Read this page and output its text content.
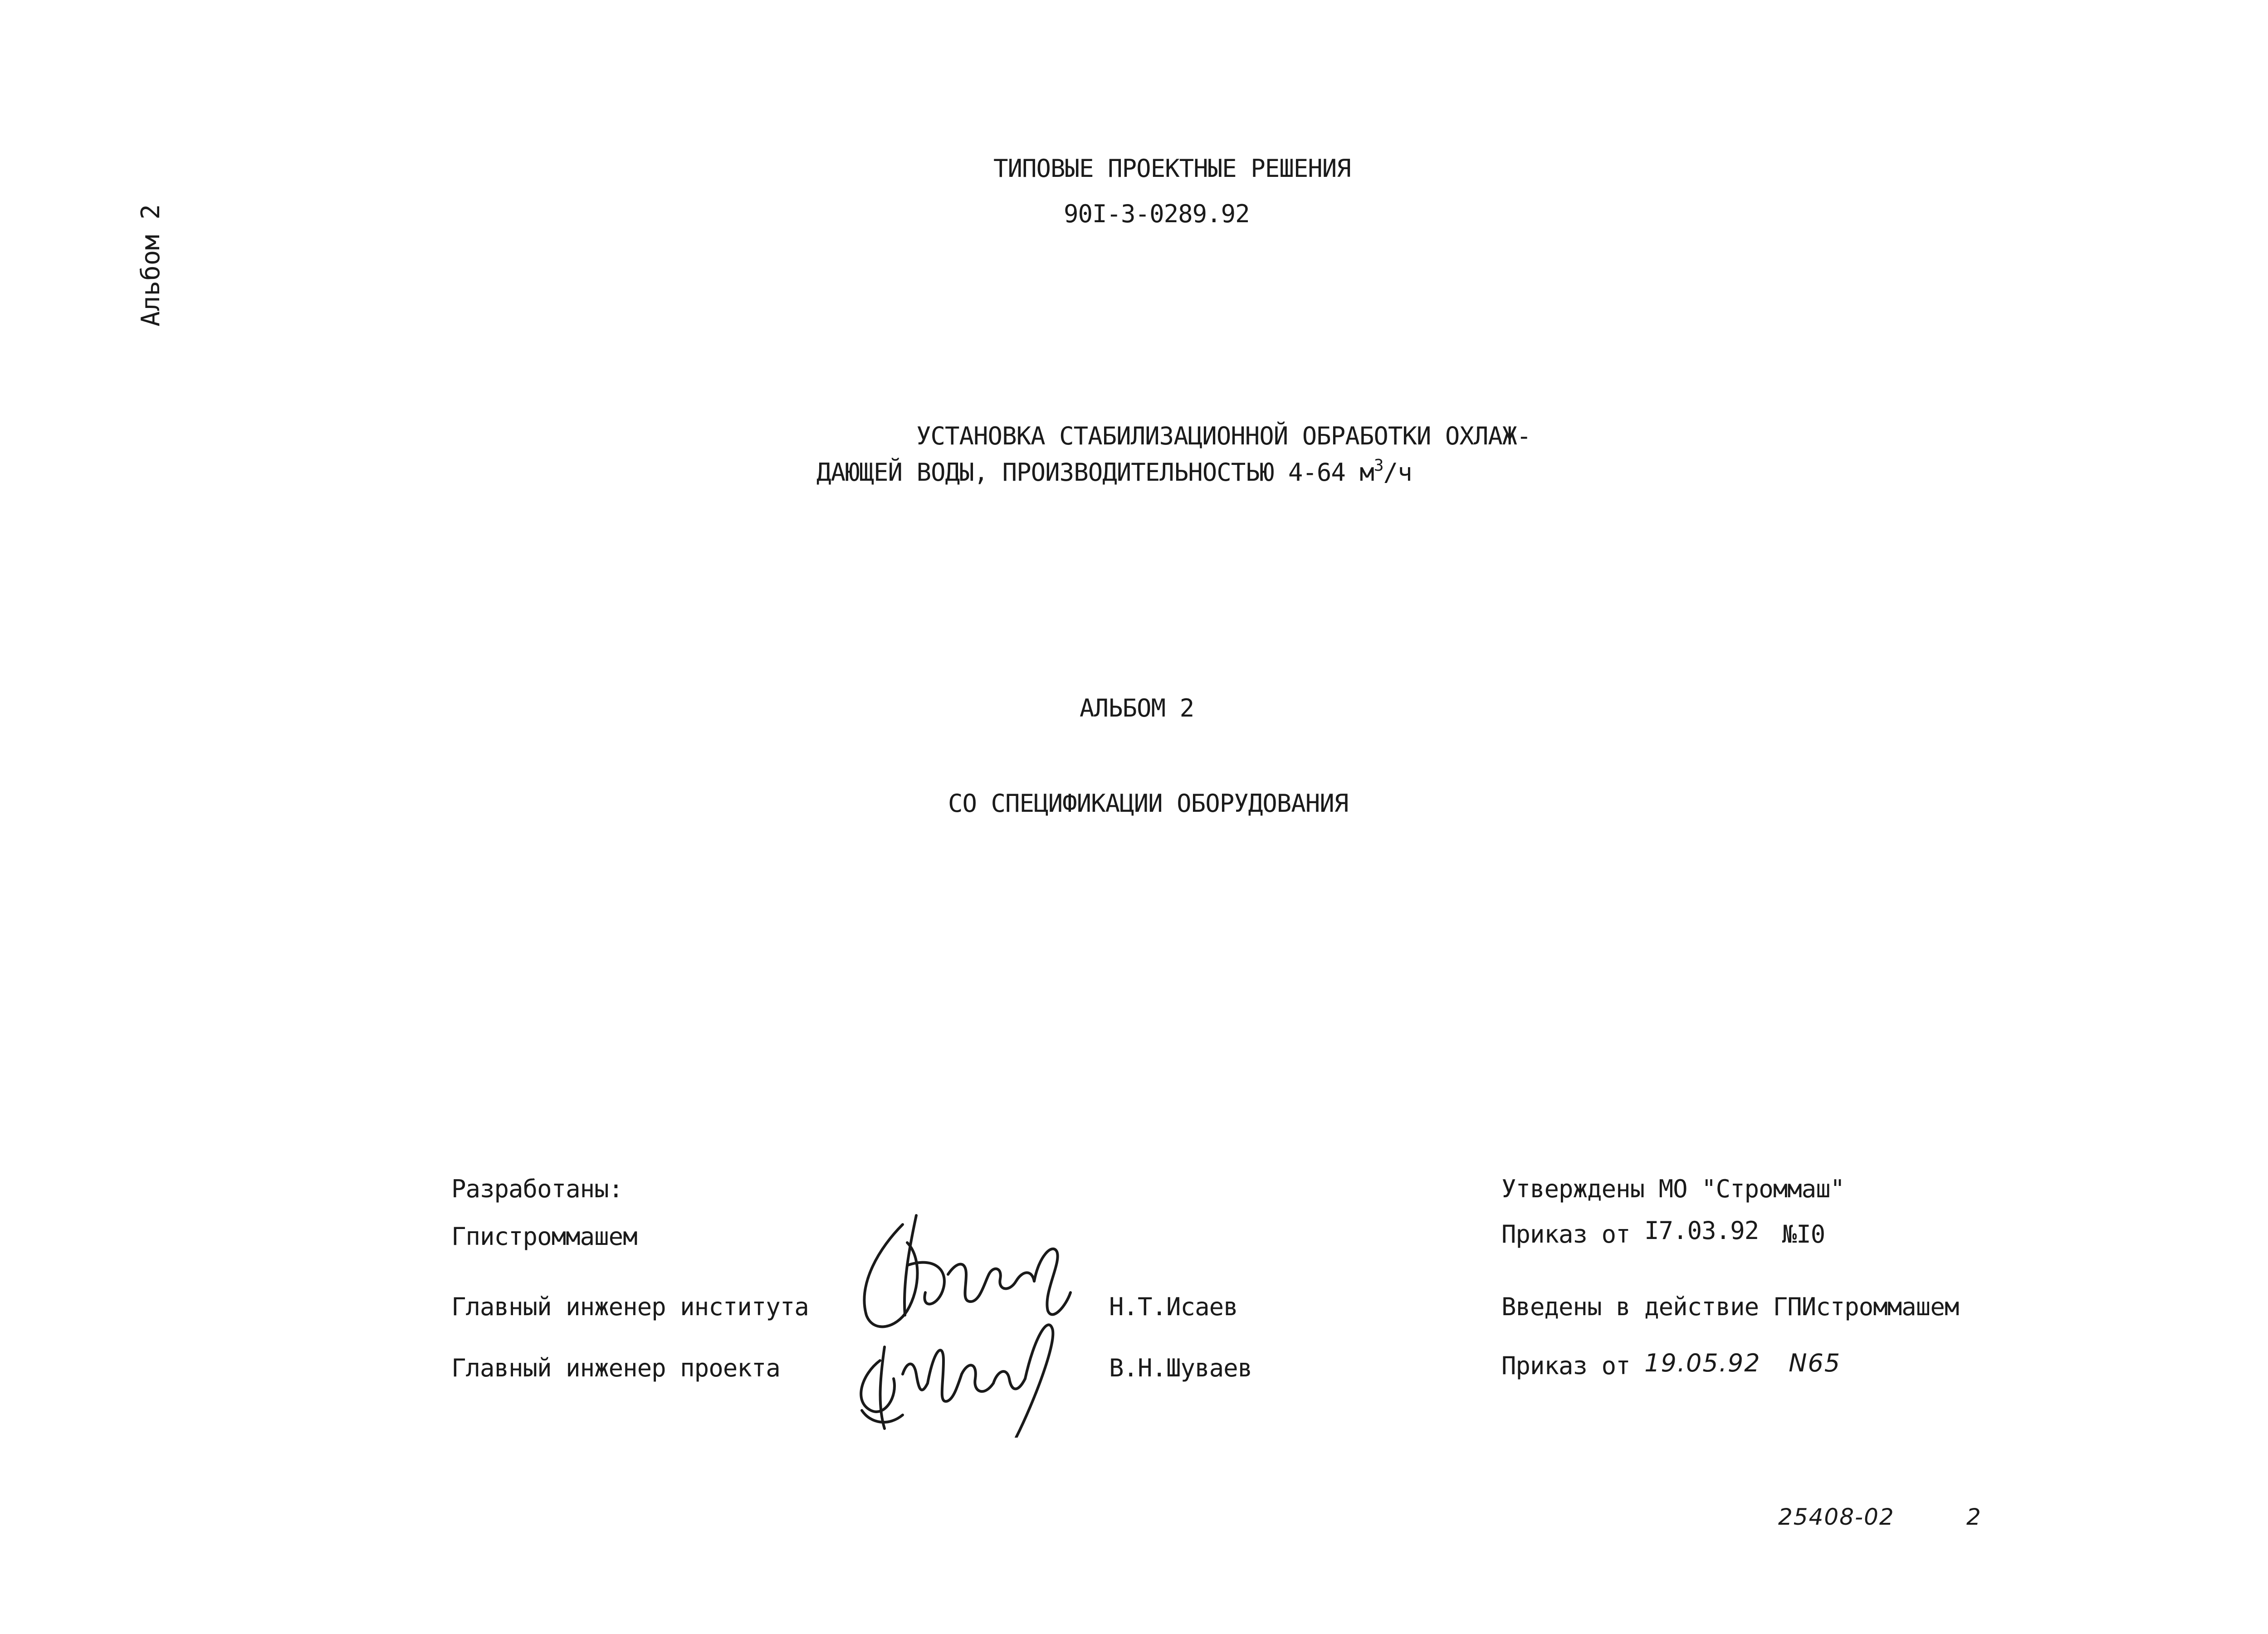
Альбом 2
ТИПОВЫЕ ПРОЕКТНЫЕ РЕШЕНИЯ
90I-3-0289.92
УСТАНОВКА СТАБИЛИЗАЦИОННОЙ ОБРАБОТКИ ОХЛАЖ-
ДАЮЩЕЙ ВОДЫ, ПРОИЗВОДИТЕЛЬНОСТЬЮ 4-64 $м^3/ч$
АЛЬБОМ 2
СО СПЕЦИФИКАЦИИ ОБОРУДОВАНИЯ
Разработаны:
Гпистроммашем
Главный инженер института	Н.Т.Исаев
Главный инженер проекта	В.Н.Шуваев
Утверждены МО "Строммаш"
Приказ от I7.03.92 №I0
Введены в действие ГПИстроммашем
Приказ от 19.05.92 N65
25408-02	2
